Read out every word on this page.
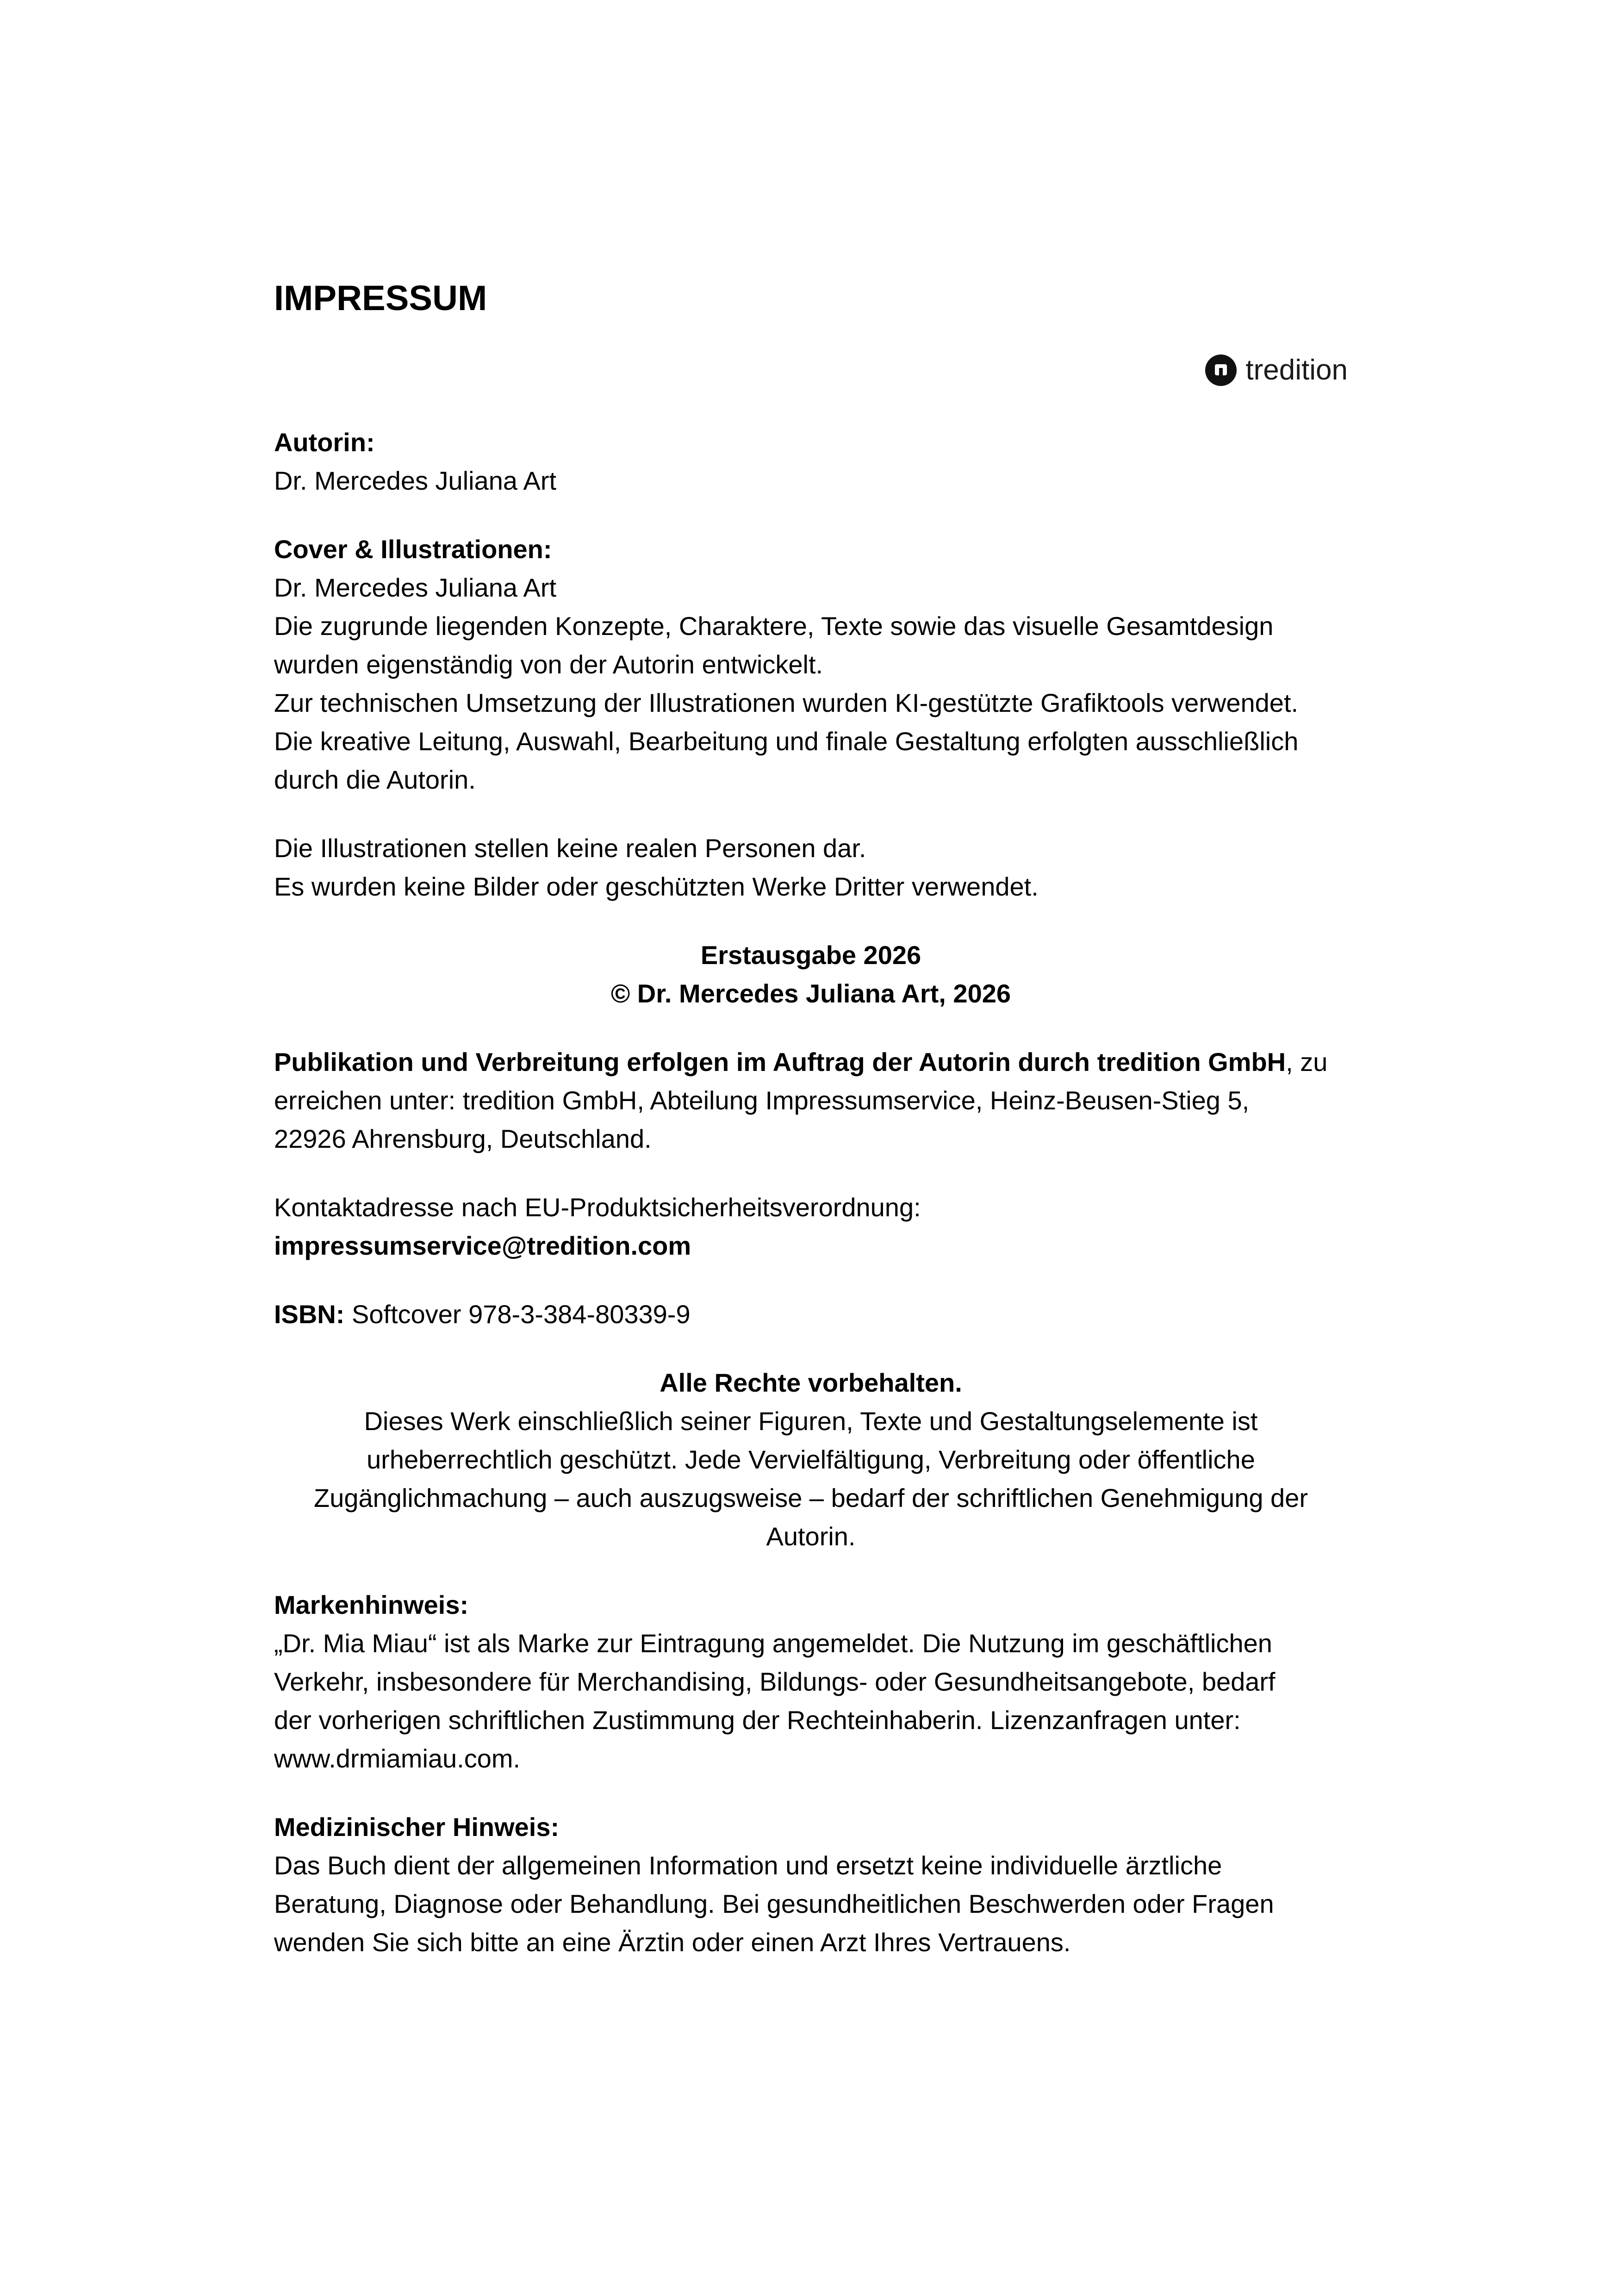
IMPRESSUM
tredition

Autorin:

Dr. Mercedes Juliana Art

Cover & Illustrationen:

Dr. Mercedes Juliana Art

Die zugrunde liegenden Konzepte, Charaktere, Texte sowie das visuelle Gesamtdesign

wurden eigenständig von der Autorin entwickelt.

Zur technischen Umsetzung der Illustrationen wurden KI-gestützte Grafiktools verwendet.

Die kreative Leitung, Auswahl, Bearbeitung und finale Gestaltung erfolgten ausschließlich

durch die Autorin.

Die Illustrationen stellen keine realen Personen dar.

Es wurden keine Bilder oder geschützten Werke Dritter verwendet.

Erstausgabe 2026

© Dr. Mercedes Juliana Art, 2026

Publikation und Verbreitung erfolgen im Auftrag der Autorin durch tredition GmbH, zu

erreichen unter: tredition GmbH, Abteilung Impressumservice, Heinz-Beusen-Stieg 5,

22926 Ahrensburg, Deutschland.

Kontaktadresse nach EU-Produktsicherheitsverordnung:

impressumservice@tredition.com

ISBN: Softcover 978-3-384-80339-9

Alle Rechte vorbehalten.

Dieses Werk einschließlich seiner Figuren, Texte und Gestaltungselemente ist

urheberrechtlich geschützt. Jede Vervielfältigung, Verbreitung oder öffentliche

Zugänglichmachung – auch auszugsweise – bedarf der schriftlichen Genehmigung der

Autorin.

Markenhinweis:

„Dr. Mia Miau“ ist als Marke zur Eintragung angemeldet. Die Nutzung im geschäftlichen

Verkehr, insbesondere für Merchandising, Bildungs- oder Gesundheitsangebote, bedarf

der vorherigen schriftlichen Zustimmung der Rechteinhaberin. Lizenzanfragen unter:

www.drmiamiau.com.

Medizinischer Hinweis:

Das Buch dient der allgemeinen Information und ersetzt keine individuelle ärztliche

Beratung, Diagnose oder Behandlung. Bei gesundheitlichen Beschwerden oder Fragen

wenden Sie sich bitte an eine Ärztin oder einen Arzt Ihres Vertrauens.
